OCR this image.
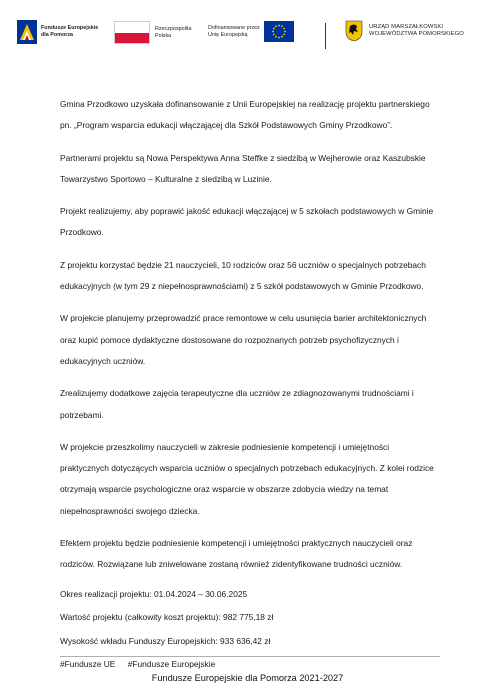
Fundusze Europejskie
dla Pomorza
Rzeczpospolita
Polska
Dofinansowane przez
Unię Europejską
URZĄD MARSZAŁKOWSKI
WOJEWÓDZTWA POMORSKIEGO

Gmina Przodkowo uzyskała dofinansowanie z Unii Europejskiej na realizację projektu partnerskiego pn. „Program wsparcia edukacji włączającej dla Szkół Podstawowych Gminy Przodkowo”.

Partnerami projektu są Nowa Perspektywa Anna Steffke z siedzibą w Wejherowie oraz Kaszubskie Towarzystwo Sportowo – Kulturalne z siedzibą w Luzinie.

Projekt realizujemy, aby poprawić jakość edukacji włączającej w 5 szkołach podstawowych w Gminie Przodkowo.

Z projektu korzystać będzie 21 nauczycieli, 10 rodziców oraz 56 uczniów o specjalnych potrzebach edukacyjnych (w tym 29 z niepełnosprawnościami) z 5 szkół podstawowych w Gminie Przodkowo.

W projekcie planujemy przeprowadzić prace remontowe w celu usunięcia barier architektonicznych oraz kupić pomoce dydaktyczne dostosowane do rozpoznanych potrzeb psychofizycznych i edukacyjnych uczniów.

Zrealizujemy dodatkowe zajęcia terapeutyczne dla uczniów ze zdiagnozowanymi trudnościami i potrzebami.

W projekcie przeszkolimy nauczycieli w zakresie podniesienie kompetencji i umiejętności praktycznych dotyczących wsparcia uczniów o specjalnych potrzebach edukacyjnych. Z kolei rodzice otrzymają wsparcie psychologiczne oraz wsparcie w obszarze zdobycia wiedzy na temat niepełnosprawności swojego dziecka.

Efektem projektu będzie podniesienie kompetencji i umiejętności praktycznych nauczycieli oraz rodziców. Rozwiązane lub zniwelowane zostaną również zidentyfikowane trudności uczniów.

Okres realizacji projektu: 01.04.2024 – 30.06.2025

Wartość projektu (całkowity koszt projektu): 982 775,18 zł

Wysokość wkładu Funduszy Europejskich: 933 636,42 zł

#Fundusze UE #Fundusze Europejskie

Fundusze Europejskie dla Pomorza 2021-2027
